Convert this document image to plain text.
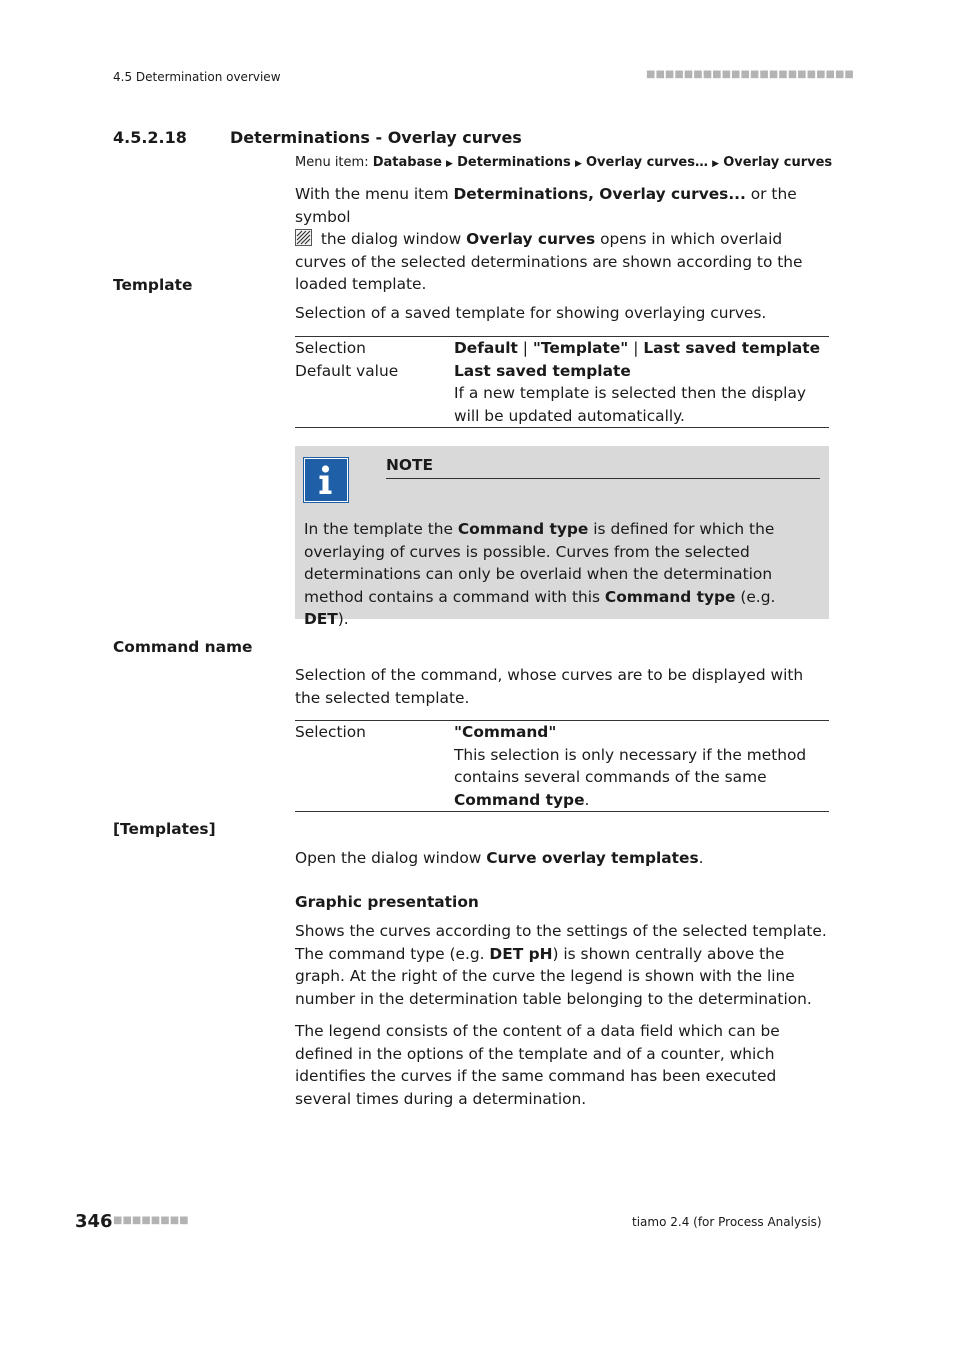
4.5 Determination overview	■■■■■■■■■■■■■■■■■■■■■■
4.5.2.18	Determinations - Overlay curves
Menu item: Database ▶ Determinations ▶ Overlay curves… ▶ Overlay curves
With the menu item Determinations, Overlay curves... or the symbol
the dialog window Overlay curves opens in which overlaid curves of the selected determinations are shown according to the loaded template.
Template
Selection of a saved template for showing overlaying curves.
Selection	Default | "Template" | Last saved template
Default value	Last saved template
If a new template is selected then the display will be updated automatically.
NOTE
In the template the Command type is defined for which the overlaying of curves is possible. Curves from the selected determinations can only be overlaid when the determination method contains a command with this Command type (e.g. DET).
Command name
Selection of the command, whose curves are to be displayed with the selected template.
Selection	"Command"
This selection is only necessary if the method contains several commands of the same Command type.
[Templates]
Open the dialog window Curve overlay templates.
Graphic presentation
Shows the curves according to the settings of the selected template. The command type (e.g. DET pH) is shown centrally above the graph. At the right of the curve the legend is shown with the line number in the determination table belonging to the determination.
The legend consists of the content of a data field which can be defined in the options of the template and of a counter, which identifies the curves if the same command has been executed several times during a determination.
346 ■■■■■■■■	tiamo 2.4 (for Process Analysis)
